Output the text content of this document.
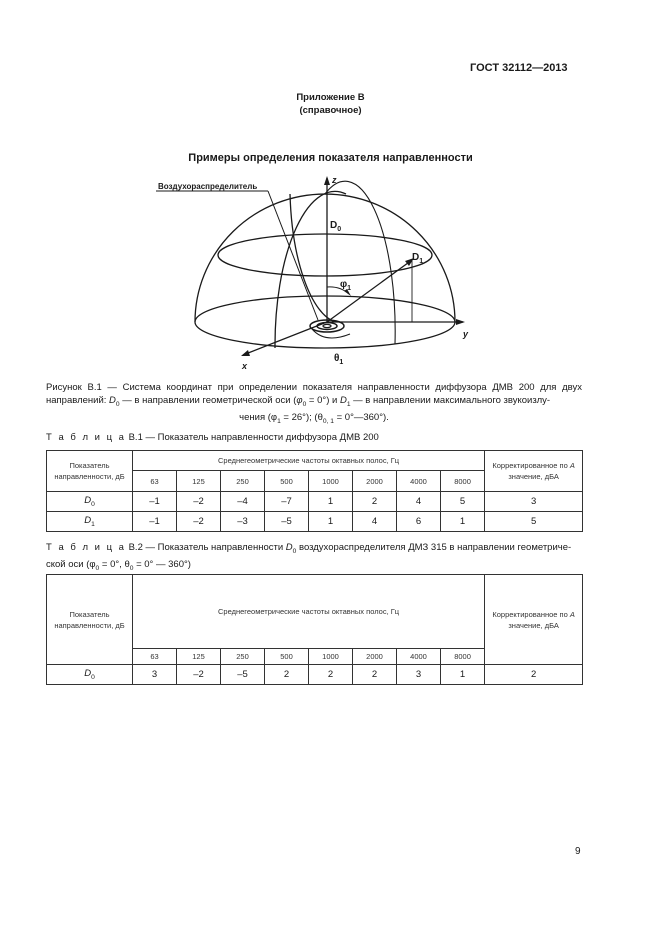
ГОСТ 32112—2013
Приложение В
(справочное)
Примеры определения показателя направленности
Воздухораспределитель
z
y
x
$D_0$
$D_1$
$\varphi_1$
$\theta_1$
Рисунок В.1 — Система координат при определении показателя направленности диффузора ДМВ 200 для двух направлений: $D_0$ — в направлении геометрической оси $(\varphi_0 = 0^\circ)$ и $D_1$ — в направлении максимального звукоизлу-
чения $(\varphi_1 = 26^\circ)$; ($\theta_{0, 1}$ = 0°—360°).
Т а б л и ц а В.1 — Показатель направленности диффузора ДМВ 200
Показатель направленности, дБ	Среднегеометрические частоты октавных полос, Гц								Корректированное по A значение, дБА
	63	125	250	500	1000	2000	4000	8000	
$D_0$	–1	–2	–4	–7	1	2	4	5	3
$D_1$	–1	–2	–3	–5	1	4	6	1	5
Т а б л и ц а В.2 — Показатель направленности $D_0$ воздухораспределителя ДМЗ 315 в направлении геометриче-
ской оси ($\varphi_0 = 0^\circ$, $\theta_0 = 0^\circ$ — 360°)
Показатель направленности, дБ	Среднегеометрические частоты октавных полос, Гц								Корректированное по A значение, дБА
	63	125	250	500	1000	2000	4000	8000	
$D_0$	3	–2	–5	2	2	2	3	1	2
9
